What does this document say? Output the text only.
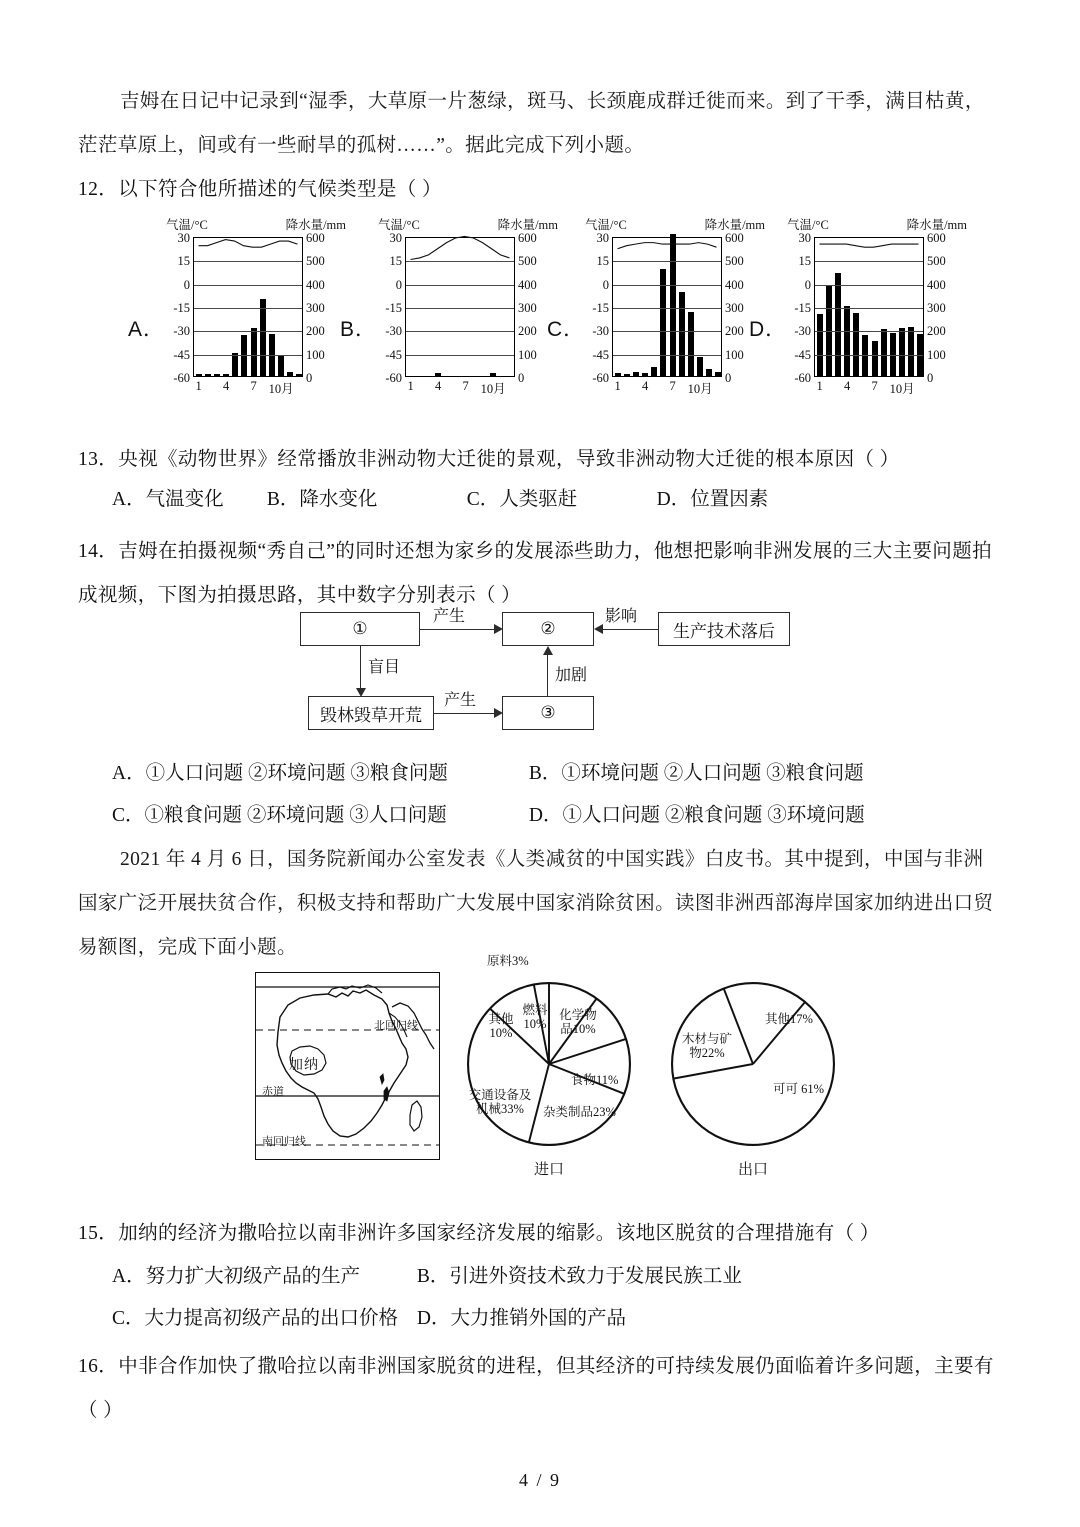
吉姆在日记中记录到“湿季，大草原一片葱绿，斑马、长颈鹿成群迁徙而来。到了干季，满目枯黄，
茫茫草原上，间或有一些耐旱的孤树……”。据此完成下列小题。
12．以下符合他所描述的气候类型是（ ）
A．
气温/°C	降水量/mm
30	600
15	500
0	400
-15	300
-30	200
-45	100
-60	0
1 4 7 10月
B．
气温/°C	降水量/mm
30	600
15	500
0	400
-15	300
-30	200
-45	100
-60	0
1 4 7 10月
C．
气温/°C	降水量/mm
30	600
15	500
0	400
-15	300
-30	200
-45	100
-60	0
1 4 7 10月
D．
气温/°C	降水量/mm
30	600
15	500
0	400
-15	300
-30	200
-45	100
-60	0
1 4 7 10月
13．央视《动物世界》经常播放非洲动物大迁徙的景观，导致非洲动物大迁徙的根本原因（ ）
A．气温变化 B．降水变化	C．人类驱赶	D．位置因素
14．吉姆在拍摄视频“秀自己”的同时还想为家乡的发展添些助力，他想把影响非洲发展的三大主要问题拍
成视频，下图为拍摄思路，其中数字分别表示（ ）
①	②	生产技术落后
毁林毁草开荒	③
产生	影响
盲目
产生
加剧
A．①人口问题 ②环境问题 ③粮食问题	B．①环境问题 ②人口问题 ③粮食问题
C．①粮食问题 ②环境问题 ③人口问题	D．①人口问题 ②粮食问题 ③环境问题
2021 年 4 月 6 日，国务院新闻办公室发表《人类减贫的中国实践》白皮书。其中提到，中国与非洲
国家广泛开展扶贫合作，积极支持和帮助广大发展中国家消除贫困。读图非洲西部海岸国家加纳进出口贸
易额图，完成下面小题。
北回归线
赤道
南回归线
加纳
燃料10%
化学物品10%
食物11%
杂类制品23%
交通设备及机械33%
其他10%
原料3%
进口
可可 61%
木材与矿物22%
其他17%
出口
15．加纳的经济为撒哈拉以南非洲许多国家经济发展的缩影。该地区脱贫的合理措施有（ ）
A．努力扩大初级产品的生产	B．引进外资技术致力于发展民族工业
C．大力提高初级产品的出口价格 D．大力推销外国的产品
16．中非合作加快了撒哈拉以南非洲国家脱贫的进程，但其经济的可持续发展仍面临着许多问题，主要有
（ ）
4 / 9
